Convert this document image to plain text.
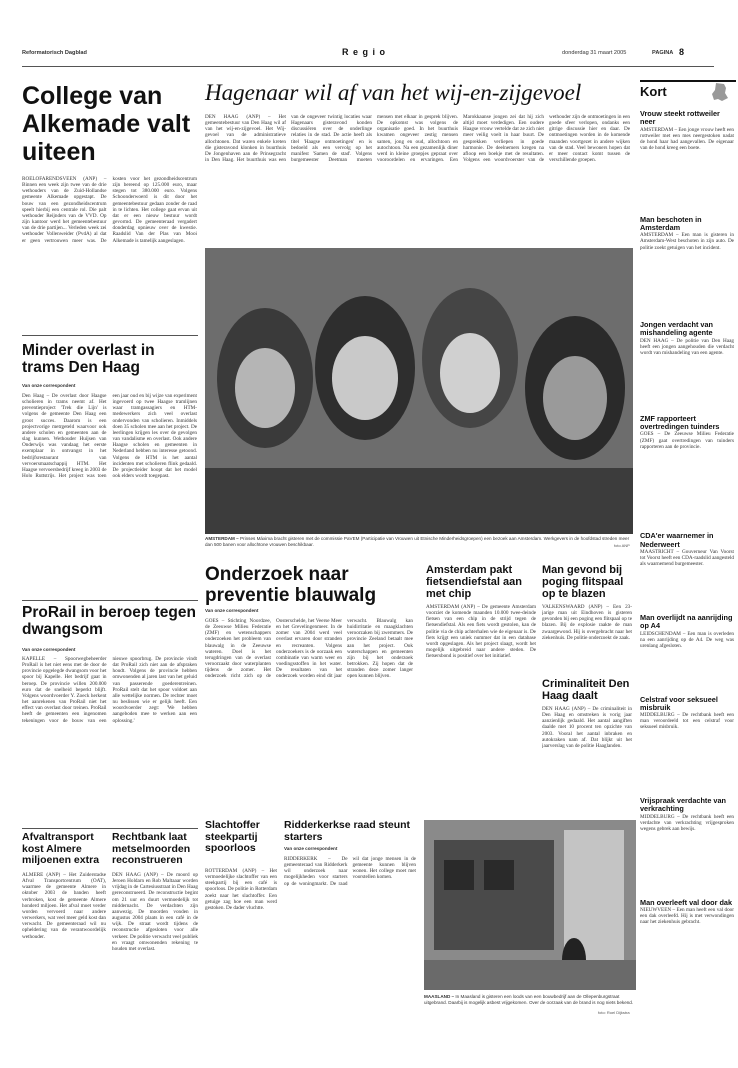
Reformatorisch Dagblad	R e g i o	donderdag 31 maart 2005	PAGINA 8
College van Alkemade valt uiteen
ROELOFARENDSVEEN (ANP) – Binnen een week zijn twee van de drie wethouders van de Zuid-Hollandse gemeente Alkemade opgestapt. De bouw van een gezondheidscentrum speelt hierbij een centrale rol. Die palt wethouder Reijnders van de VVD. Op zijn kantoor werd het gemeentebestuur van de drie partijen... Verleden week zei wethouder Vollenweider (PvdA) al dat er geen vertrouwen meer was. De kosten voor het gezondheidscentrum zijn bereend op 125.000 euro, maar stegen tot 380.000 euro. Volgens Schoonderwoerd is dit door het gemeentebestuur gedaan zonder de raad in te lichten. Het college gaat ervan uit dat er een nieuw bestuur wordt gevormd. De gemeenteraad vergadert donderdag opnieuw over de kwestie. Raadslid Van der Plas van Mooi Alkemade is tamelijk aangeslagen.
Minder overlast in trams Den Haag
Van onze correspondent
Den Haag – De overlast door Haagse scholieren in trams neemt af. Het preventieproject 'Trek die Lijn' is volgens de gemeente Den Haag een groot succes. Daarom is een projectvorige metrgeteld waarvoor ook andere scholen en gemeenten aan de slag kunnen. Wethouder Huijsen van Onderwijs was vandaag het eerste exemplaar in ontvangst in het bedrijfsrestaurant van vervoersmaatschappij HTM. Het Haagse vervoersbedrijf kreeg in 2003 de Holo Ruttstrijs. Het project was toen een jaar oud en bij wijze van experiment ingevoerd op twee Haagse tramlijnen waar tramgassagiers en HTM-medewerkers zich veel overlast ondervonden van scholieren. Inmiddels doen 35 scholen mee aan het project. De leerlingen krijgen les over de gevolgen van vandalisme en overlast. Ook andere Haagse scholen en gemeenten in Nederland hebben nu interesse getoond. Volgens de HTM is het aantal incidenten met scholieren flink gedaald. De projectleider hoopt dat het model ook elders wordt toegepast.
ProRail in beroep tegen dwangsom
Van onze correspondent
KAPELLE – Spoorwegbeheerder ProRail is het niet eens met de door de provincie opgelegde dwangsom voor het spoor bij Kapelle. Het bedrijf gaat in beroep. De provincie willen 200.000 euro dat de snelheid beperkt blijft. Volgens woordvoerder Y. Zoeck herkent het aanrekenen van ProRail niet het effect van overlast door treinen. ProRail heeft de gemeenten een ingenomen tekeningen voor de bouw van een nieuwe spoorbrug. De provincie vindt dat ProRail zich niet aan de afspraken houdt. Volgens de provincie hebben omwonenden al jaren last van het geluid van passerende goederentreinen. ProRail stelt dat het spoor voldoet aan alle wettelijke normen. De rechter moet nu beslissen wie er gelijk heeft. Een woordvoerder zegt: 'We hebben aangeboden mee te werken aan een oplossing.'
Afvaltransport kost Almere miljoenen extra
ALMERE (ANP) – Het Zuiderstadse Afval Transportcentrum (OAT), waarmee de gemeente Almere in oktober 2003 de banden heeft verbroken, kost de gemeente Almere honderd miljoen. Het afval moet verder worden vervoerd naar andere verwerkers, wat veel meer geld kost dan verwacht. De gemeenteraad wil nu opheldering van de verantwoordelijk wethouder.
Rechtbank laat metselmoorden reconstrueren
DEN HAAG (ANP) – De moord op Jeroen Holdarn en Rob Maltaaar worden vrijdag in de Cartesiusstraat in Den Haag gereconstrueerd. De reconstructie begint om 21 uur en duurt vermoedelijk tot middernacht. De verdachten zijn aanwezig. De moorden vonden in augustus 2004 plaats in een café in de wijk. De straat wordt tijdens de reconstructie afgesloten voor alle verkeer. De politie verwacht veel publiek en vraagt omwonenden rekening te houden met overlast.
Hagenaar wil af van het wij-en-zijgevoel
DEN HAAG (ANP) – Het gemeentebestuur van Den Haag wil af van het wij-en-zijgevoel. Het Wij-gevoel van de administratieve allochtonen. Dat waren enkele kreten die gisteravond klonken in buurthuis De Jongenhaven aan de Prinsegracht in Den Haag. Het buurthuis was een van de ongeveer twintig locaties waar Hagenaars gisteravond konden discussiëren over de onderlinge relaties in de stad. De actie heeft als titel 'Haagse ontmoetingen' en is bedoeld als een vervolg op het manifest 'Samen de stad'. Volgens burgemeester Deetman moeten mensen met elkaar in gesprek blijven. De opkomst was volgens de organisatie goed. In het buurthuis kwamen ongeveer zestig mensen samen, jong en oud, allochtoon en autochtoon. Na een gezamenlijk diner werd in kleine groepjes gepraat over vooroordelen en ervaringen. Een Marokkaanse jongen zei dat hij zich altijd moet verdedigen. Een oudere Haagse vrouw vertelde dat ze zich niet meer veilig voelt in haar buurt. De gesprekken verliepen in goede harmonie. De deelnemers kregen na afloop een boekje met de resultaten. Volgens een woordvoerster van de wethouder zijn de ontmoetingen in een goede sfeer verlopen, ondanks een gitrige discussie hier en daar. De ontmoetingen worden in de komende maanden voortgezet in andere wijken van de stad. Veel bewoners hopen dat er meer contact komt tussen de verschillende groepen.
AMSTERDAM – Prinses Máxima bracht gisteren met de commissie PaVEM (Participatie van Vrouwen uit Etnische Minderheidsgroepen) een bezoek aan Amsterdam. Werkgevers in de hoofdstad streden meer dan 500 banen voor allochtone vrouwen beschikbaar.	foto ANP
Onderzoek naar preventie blauwalg
Van onze correspondent
GOES – Stichting Noordzee, de Zeeuwse Milieu Federatie (ZMF) en wetenschappers onderzoeken het probleem van blauwalg in de Zeeuwse wateren. Doel is het terugdringen van de overlast veroorzaakt door waterplanten tijdens de zomer. Het onderzoek richt zich op de Oosterschelde, het Veerse Meer en het Grevelingenmeer. In de zomer van 2004 werd veel overlast ervaren door stranden en recreanten. Volgens onderzoekers is de oorzaak een combinatie van warm weer en voedingsstoffen in het water. De resultaten van het onderzoek worden eind dit jaar verwacht. Blauwalg kan huidirritatie en maagklachten veroorzaken bij zwemmers. De provincie Zeeland betaalt mee aan het project. Ook waterschappen en gemeenten zijn bij het onderzoek betrokken. Zij hopen dat de stranden deze zomer langer open kunnen blijven.
Amsterdam pakt fietsendiefstal aan met chip
AMSTERDAM (ANP) – De gemeente Amsterdam voorziet de komende maanden 10.000 twee-deinde fietsen van een chip in de strijd tegen de fietsendiefstal. Als een fiets wordt gestolen, kan de politie via de chip achterhalen wie de eigenaar is. De fiets krijgt een uniek nummer dat in een database wordt opgeslagen. Als het project slaagt, wordt het mogelijk uitgebreid naar andere steden. De fietsersbond is positief over het initiatief.
Man gevond bij poging flitspaal op te blazen
VALKENSWAARD (ANP) – Een 23-jarige man uit Eindhoven is gisteren gevonden bij een poging een flitspaal op te blazen. Bij de explosie raakte de man zwaargewond. Hij is overgebracht naar het ziekenhuis. De politie onderzoekt de zaak.
Criminaliteit Den Haag daalt
DEN HAAG (ANP) – De criminaliteit in Den Haag en omstreken is vorig jaar aanzienlijk gedaald. Het aantal aangiften daalde met 10 procent ten opzichte van 2003. Vooral het aantal inbraken en autokraken nam af. Dat blijkt uit het jaarverslag van de politie Haaglanden.
Slachtoffer steekpartij spoorloos
ROTTERDAM (ANP) – Het vermoedelijke slachtoffer van een steekpartij bij een café is spoorloos. De politie in Rotterdam zoekt naar het slachtoffer. Een getuige zag hoe een man werd gestoken. De dader vluchtte.
Ridderkerkse raad steunt starters
Van onze correspondent
RIDDERKERK – De gemeenteraad van Ridderkerk wil onderzoek naar mogelijkheden voor starters op de woningmarkt. De raad wil dat jonge mensen in de gemeente kunnen blijven wonen. Het college moet met voorstellen komen.
MAASLAND – In Maasland is gisteren een loods van een bouwbedrijf aan de Ollepenburgstraat uitgebrand. Daarbij is mogelijk asbest vrijgekomen. Over de oorzaak van de brand is nog niets bekend.
foto: Roel Dijkstra
Kort
Vrouw steekt rottweiler neer
AMSTERDAM – Een jonge vrouw heeft een rottweiler met een mes neergestoken nadat de hond haar had aangevallen. De eigenaar van de hond kreeg een boete.
Man beschoten in Amsterdam
AMSTERDAM – Een man is gisteren in Amsterdam-West beschoten in zijn auto. De politie zoekt getuigen van het incident.
Jongen verdacht van mishandeling agente
DEN HAAG – De politie van Den Haag heeft een jongen aangehouden die verdacht wordt van mishandeling van een agente.
ZMF rapporteert overtredingen tuinders
GOES – De Zeeuwse Milieu Federatie (ZMF) gaat overtredingen van tuinders rapporteren aan de provincie.
CDA'er waarnemer in Nederweert
MAASTRICHT – Gouverneur Van Voorst tot Voorst heeft een CDA-raadslid aangesteld als waarnemend burgemeester.
Man overlijdt na aanrijding op A4
LEIDSCHENDAM – Een man is overleden na een aanrijding op de A4. De weg was urenlang afgesloten.
Celstraf voor seksueel misbruik
MIDDELBURG – De rechtbank heeft een man veroordeeld tot een celstraf voor seksueel misbruik.
Vrijspraak verdachte van verkrachting
MIDDELBURG – De rechtbank heeft een verdachte van verkrachting vrijgesproken wegens gebrek aan bewijs.
Man overleeft val door dak
NIEUWVEEN – Een man heeft een val door een dak overleefd. Hij is met verwondingen naar het ziekenhuis gebracht.
